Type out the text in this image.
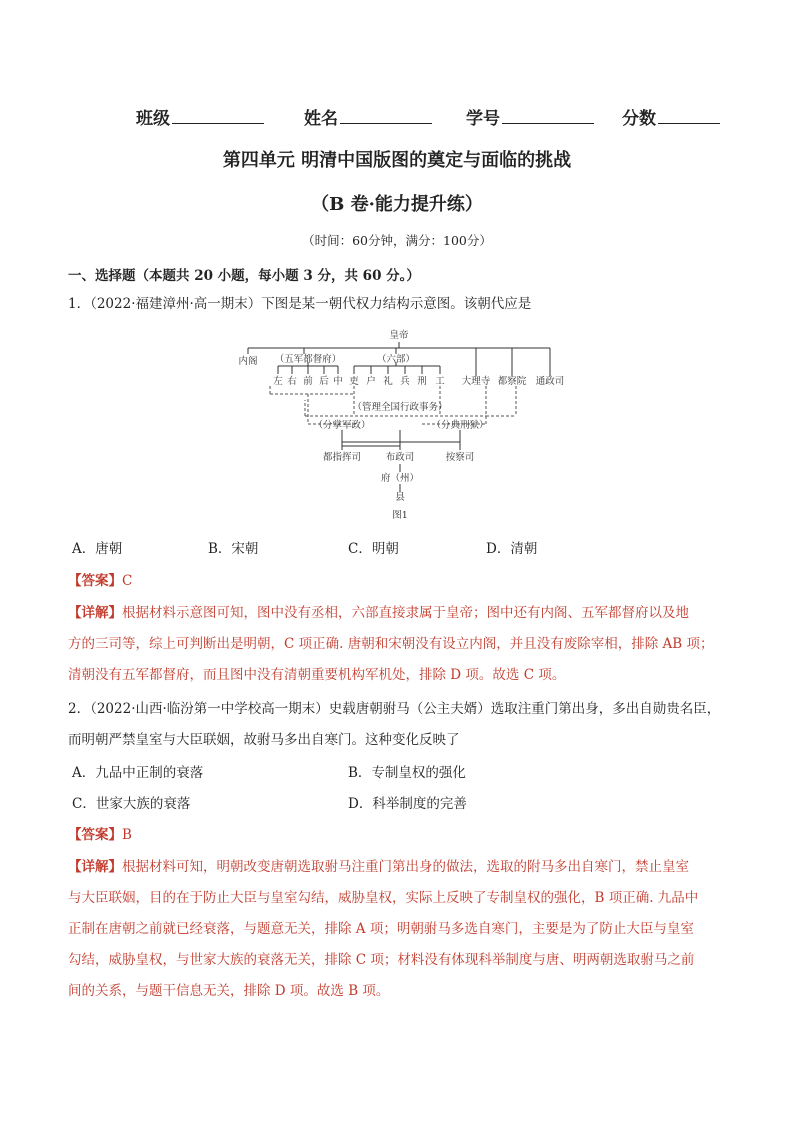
班级	姓名	学号	分数
第四单元 明清中国版图的奠定与面临的挑战
（B 卷·能力提升练）
（时间：60分钟，满分：100分）
一、选择题（本题共 20 小题，每小题 3 分，共 60 分。）
1．（2022·福建漳州·高一期末）下图是某一朝代权力结构示意图。该朝代应是
皇帝
内阁 （五军都督府）	（六部）
左 右 前 后 中 吏 户 礼 兵 刑 工 大理寺 都察院 通政司
（管理全国行政事务）
（分掌军政）	（分典刑狱）
都指挥司	布政司	按察司
府（州）
县
图1
A．唐朝	B．宋朝	C．明朝	D．清朝
【答案】C
【详解】根据材料示意图可知，图中没有丞相，六部直接隶属于皇帝；图中还有内阁、五军都督府以及地
方的三司等，综上可判断出是明朝，C 项正确. 唐朝和宋朝没有设立内阁，并且没有废除宰相，排除 AB 项；
清朝没有五军都督府，而且图中没有清朝重要机构军机处，排除 D 项。故选 C 项。
2．（2022·山西·临汾第一中学校高一期末）史载唐朝驸马（公主夫婿）选取注重门第出身，多出自勋贵名臣，
而明朝严禁皇室与大臣联姻，故驸马多出自寒门。这种变化反映了
A．九品中正制的衰落	B．专制皇权的强化
C．世家大族的衰落	D．科举制度的完善
【答案】B
【详解】根据材料可知，明朝改变唐朝选取驸马注重门第出身的做法，选取的附马多出自寒门，禁止皇室
与大臣联姻，目的在于防止大臣与皇室勾结，威胁皇权，实际上反映了专制皇权的强化，B 项正确. 九品中
正制在唐朝之前就已经衰落，与题意无关，排除 A 项；明朝驸马多选自寒门，主要是为了防止大臣与皇室
勾结，威胁皇权，与世家大族的衰落无关，排除 C 项；材料没有体现科举制度与唐、明两朝选取驸马之前
间的关系，与题干信息无关，排除 D 项。故选 B 项。
